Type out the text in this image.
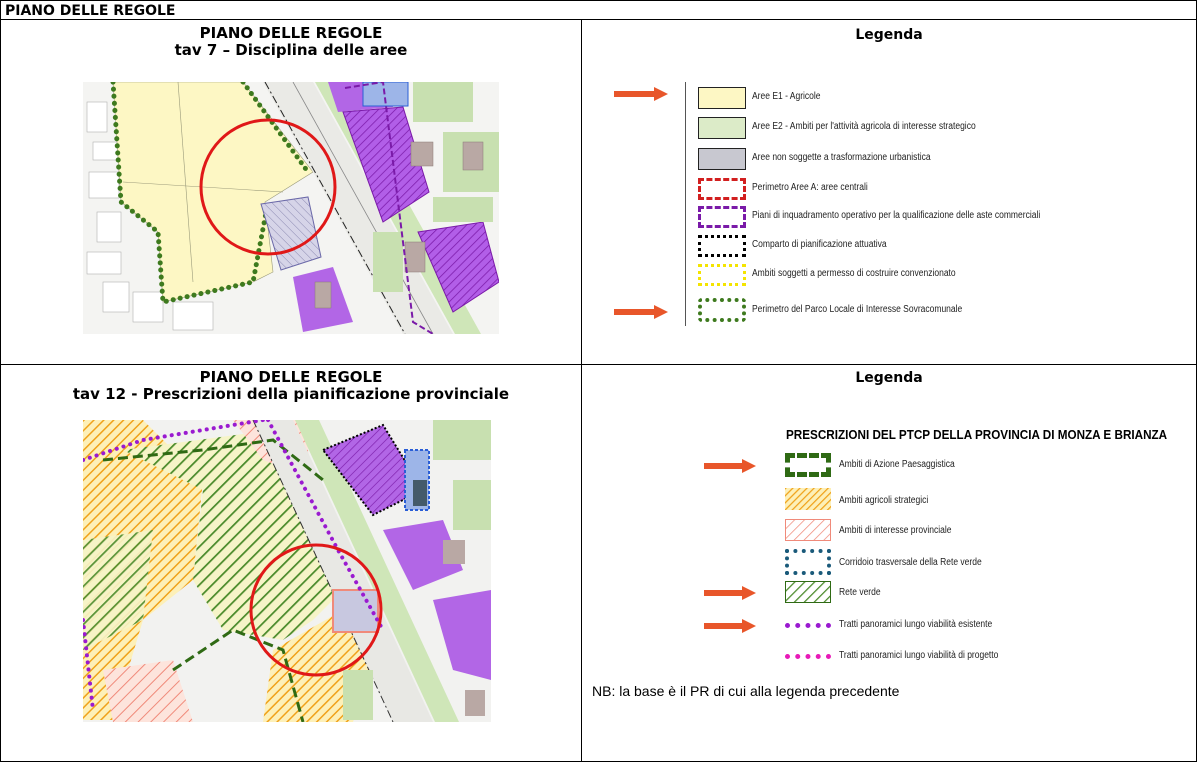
PIANO DELLE REGOLE
PIANO DELLE REGOLE
tav 7 – Disciplina delle aree
Legenda
Aree E1 - Agricole
Aree E2 - Ambiti per l'attività agricola di interesse strategico
Aree non soggette a trasformazione urbanistica
Perimetro Aree A: aree centrali
Piani di inquadramento operativo per la qualificazione delle aste commerciali
Comparto di pianificazione attuativa
Ambiti soggetti a permesso di costruire convenzionato
Perimetro del Parco Locale di Interesse Sovracomunale
PIANO DELLE REGOLE
tav 12 - Prescrizioni della pianificazione provinciale
Legenda
PRESCRIZIONI DEL PTCP DELLA PROVINCIA DI MONZA E BRIANZA
Ambiti di Azione Paesaggistica
Ambiti agricoli strategici
Ambiti di interesse provinciale
Corridoio trasversale della Rete verde
Rete verde
Tratti panoramici lungo viabilità esistente
Tratti panoramici lungo viabilità di progetto
NB: la base è il PR di cui alla legenda precedente
